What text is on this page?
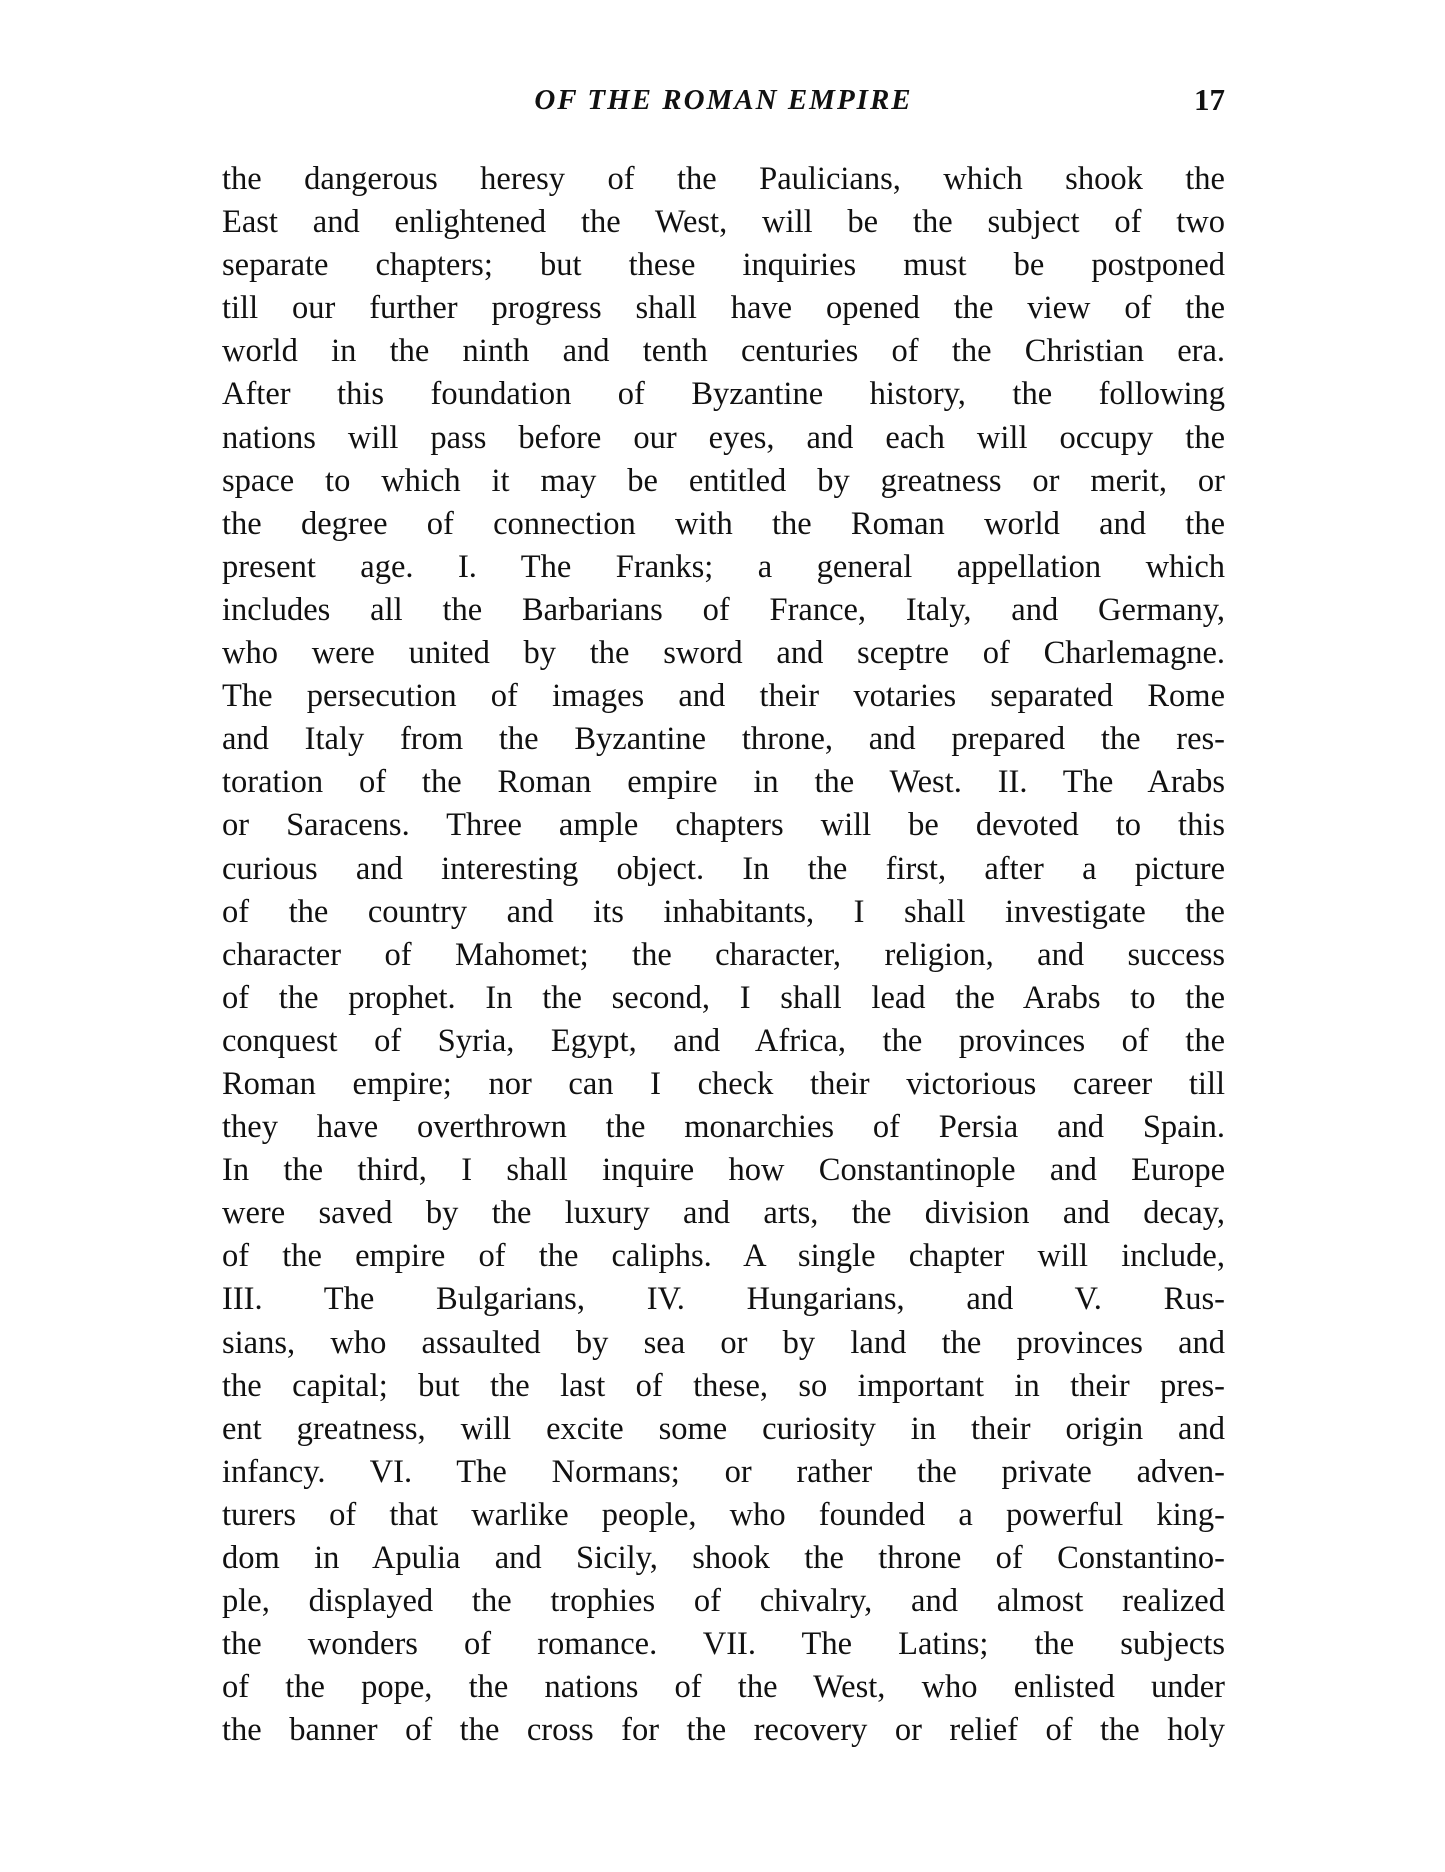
OF THE ROMAN EMPIRE	17
the dangerous heresy of the Paulicians, which shook the
East and enlightened the West, will be the subject of two
separate chapters; but these inquiries must be postponed
till our further progress shall have opened the view of the
world in the ninth and tenth centuries of the Christian era.
After this foundation of Byzantine history, the following
nations will pass before our eyes, and each will occupy the
space to which it may be entitled by greatness or merit, or
the degree of connection with the Roman world and the
present age. I. The Franks; a general appellation which
includes all the Barbarians of France, Italy, and Germany,
who were united by the sword and sceptre of Charlemagne.
The persecution of images and their votaries separated Rome
and Italy from the Byzantine throne, and prepared the res-
toration of the Roman empire in the West. II. The Arabs
or Saracens. Three ample chapters will be devoted to this
curious and interesting object. In the first, after a picture
of the country and its inhabitants, I shall investigate the
character of Mahomet; the character, religion, and success
of the prophet. In the second, I shall lead the Arabs to the
conquest of Syria, Egypt, and Africa, the provinces of the
Roman empire; nor can I check their victorious career till
they have overthrown the monarchies of Persia and Spain.
In the third, I shall inquire how Constantinople and Europe
were saved by the luxury and arts, the division and decay,
of the empire of the caliphs. A single chapter will include,
III. The Bulgarians, IV. Hungarians, and V. Rus-
sians, who assaulted by sea or by land the provinces and
the capital; but the last of these, so important in their pres-
ent greatness, will excite some curiosity in their origin and
infancy. VI. The Normans; or rather the private adven-
turers of that warlike people, who founded a powerful king-
dom in Apulia and Sicily, shook the throne of Constantino-
ple, displayed the trophies of chivalry, and almost realized
the wonders of romance. VII. The Latins; the subjects
of the pope, the nations of the West, who enlisted under
the banner of the cross for the recovery or relief of the holy
